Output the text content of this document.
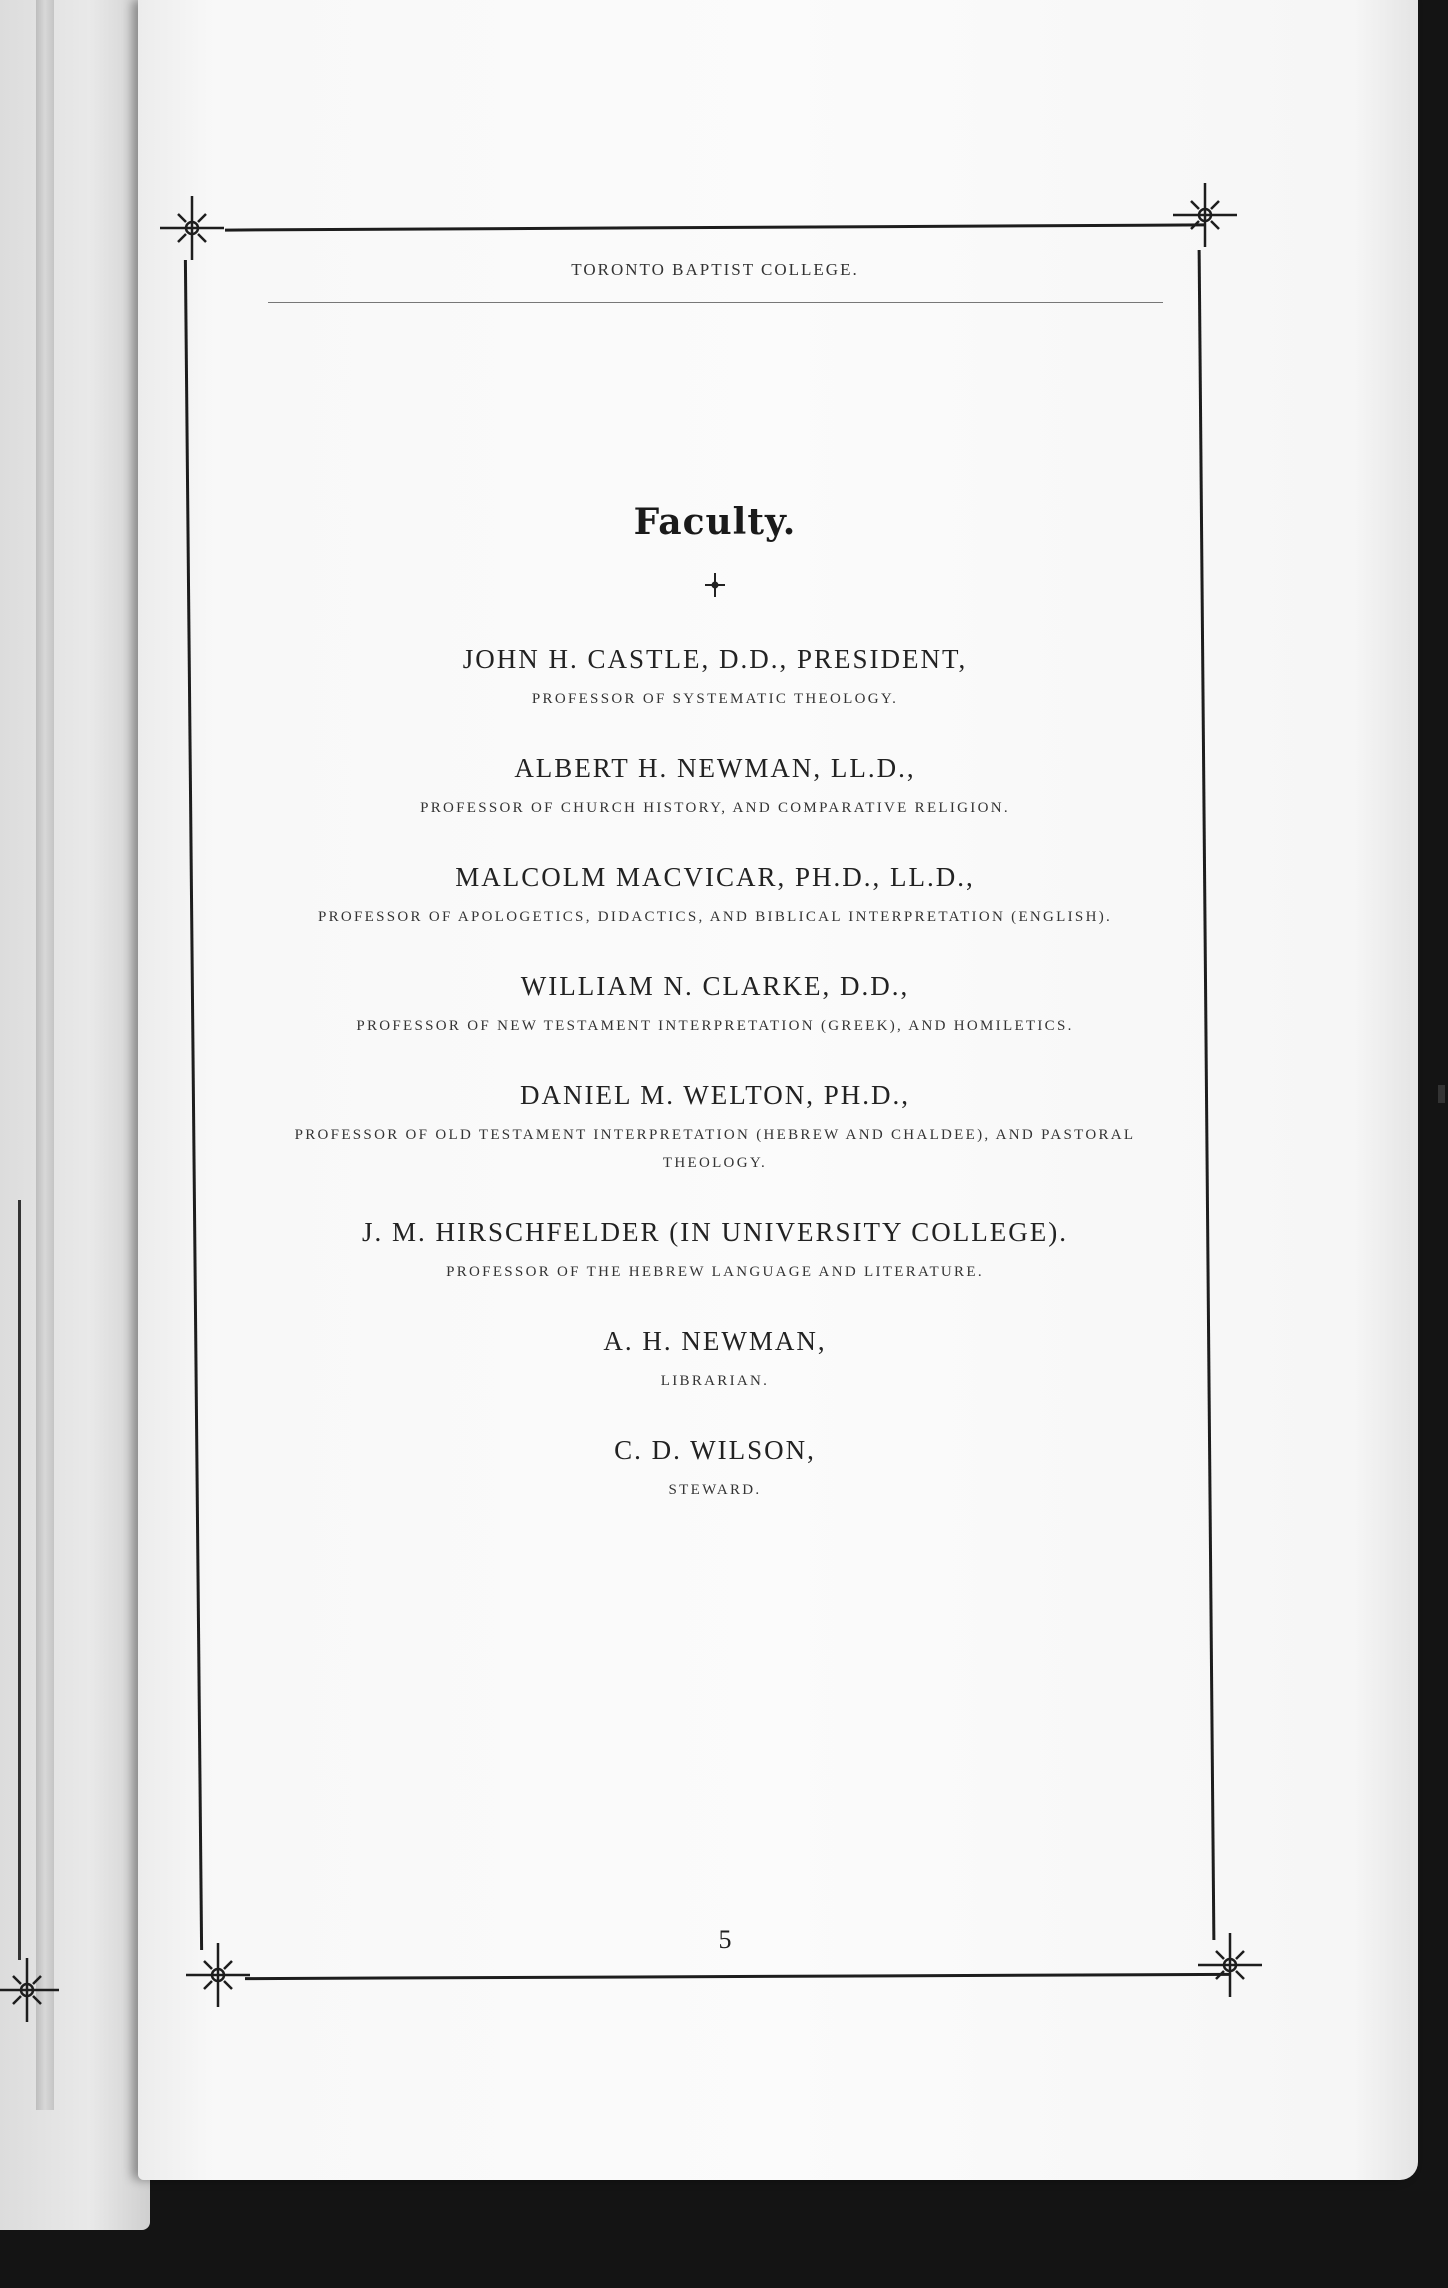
TORONTO BAPTIST COLLEGE.
Faculty.
JOHN H. CASTLE, D.D., PRESIDENT,
PROFESSOR OF SYSTEMATIC THEOLOGY.
ALBERT H. NEWMAN, LL.D.,
PROFESSOR OF CHURCH HISTORY, AND COMPARATIVE RELIGION.
MALCOLM MACVICAR, PH.D., LL.D.,
PROFESSOR OF APOLOGETICS, DIDACTICS, AND BIBLICAL INTERPRETATION (ENGLISH).
WILLIAM N. CLARKE, D.D.,
PROFESSOR OF NEW TESTAMENT INTERPRETATION (GREEK), AND HOMILETICS.
DANIEL M. WELTON, PH.D.,
PROFESSOR OF OLD TESTAMENT INTERPRETATION (HEBREW AND CHALDEE), AND PASTORAL THEOLOGY.
J. M. HIRSCHFELDER (IN UNIVERSITY COLLEGE).
PROFESSOR OF THE HEBREW LANGUAGE AND LITERATURE.
A. H. NEWMAN,
LIBRARIAN.
C. D. WILSON,
STEWARD.
5
